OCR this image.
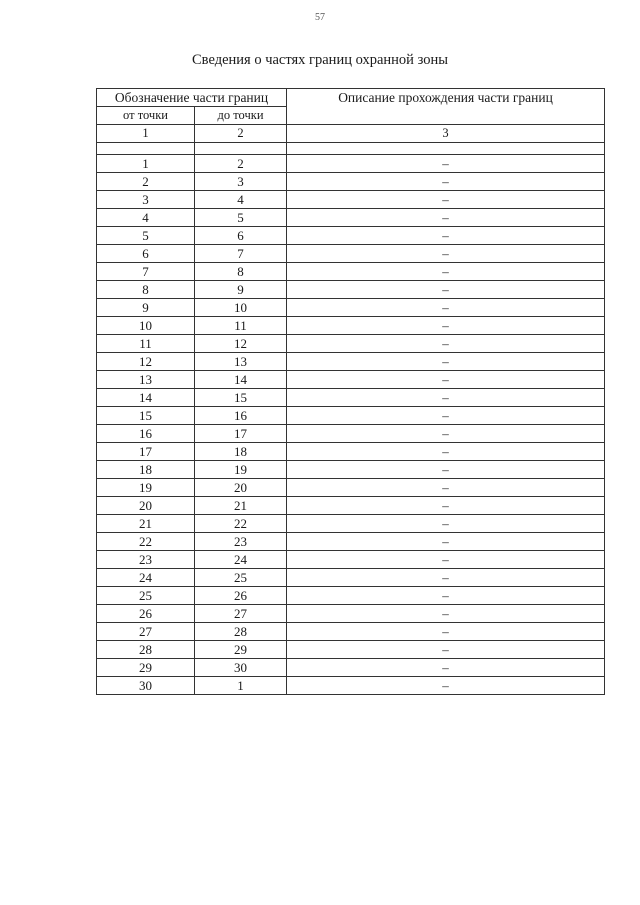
57
Сведения о частях границ охранной зоны
Обозначение части границ		Описание прохождения части границ
от точки	до точки	
1	2	3

1	2	–
2	3	–
3	4	–
4	5	–
5	6	–
6	7	–
7	8	–
8	9	–
9	10	–
10	11	–
11	12	–
12	13	–
13	14	–
14	15	–
15	16	–
16	17	–
17	18	–
18	19	–
19	20	–
20	21	–
21	22	–
22	23	–
23	24	–
24	25	–
25	26	–
26	27	–
27	28	–
28	29	–
29	30	–
30	1	–
